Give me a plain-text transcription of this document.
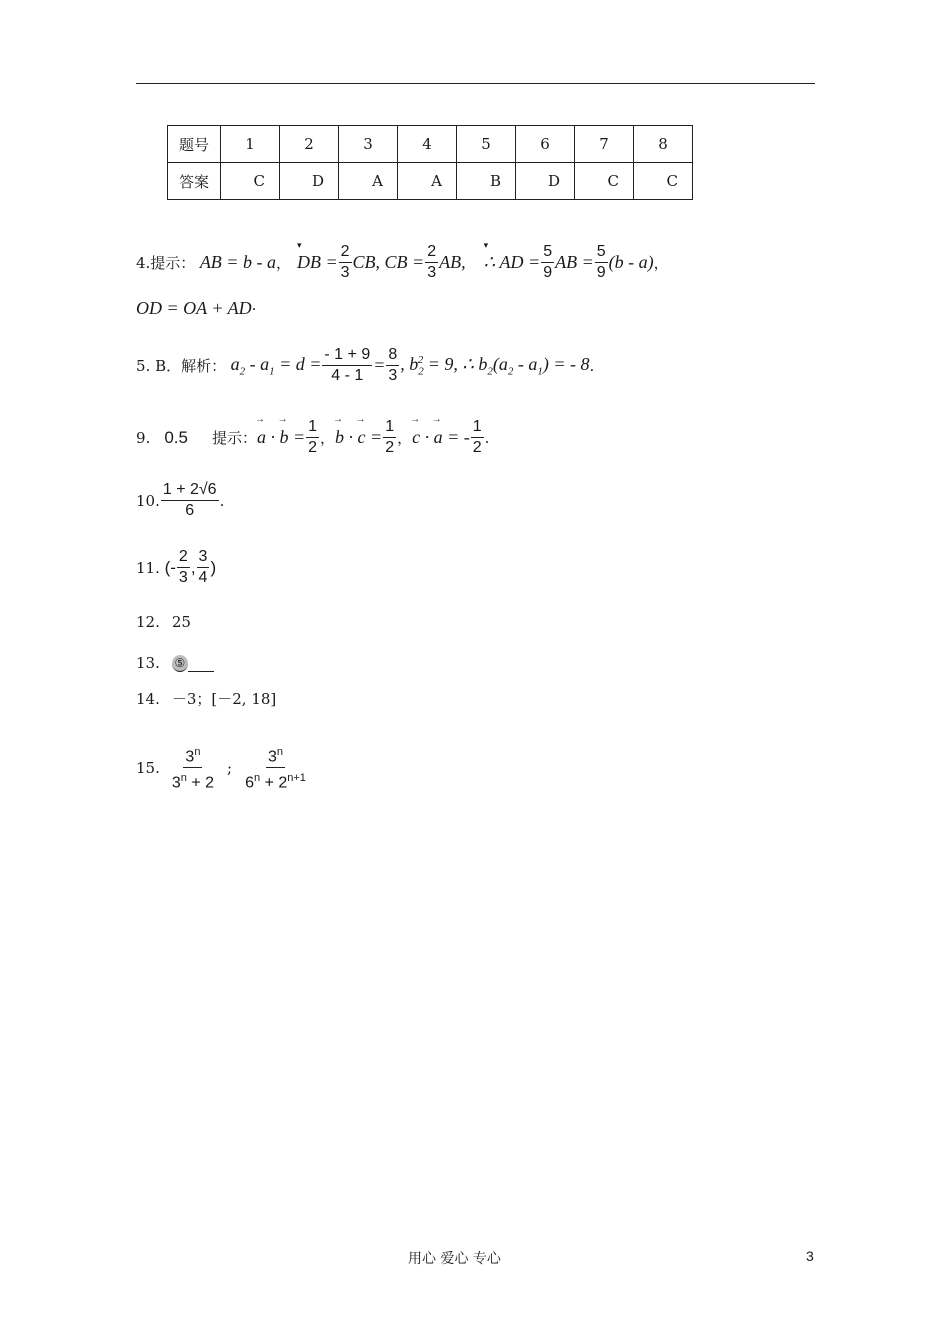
题号	1	2	3	4	5	6	7	8
答案	C	D	A	A	B	D	C	C
4.提示： AB = b - a ， ▾ DB = $\frac{2}{3}$ CB, CB = $\frac{2}{3}$ AB, ▾ ∴ AD = $\frac{5}{9}$ AB = $\frac{5}{9} (b - a)$ ，
OD = OA + AD ·
5. B．解析： $a_2 - a_1 = d = \frac{- 1 + 9}{4 - 1} = \frac{8}{3}$ , $b_2^2 = 9$, ∴ $b_2(a_2 - a_1)$ = - 8 .
9. 0.5 提示： → a · → $b = \frac{1}{2}$ ， → b · → $c = \frac{1}{2}$ ， → c · → a = - $\frac{1}{2}$ .
10. $\frac{1 + 2√6}{6}$ .
11. (- $\frac{2}{3}$ , $\frac{3}{4}$ )
12. 25
13. ⑤
14. －3；[－2, 18]
15. $\frac{3^n}{3^n + 2}$ ; $\frac{3^n}{6^n + 2^{n+1}}$
用心 爱心 专心	3
